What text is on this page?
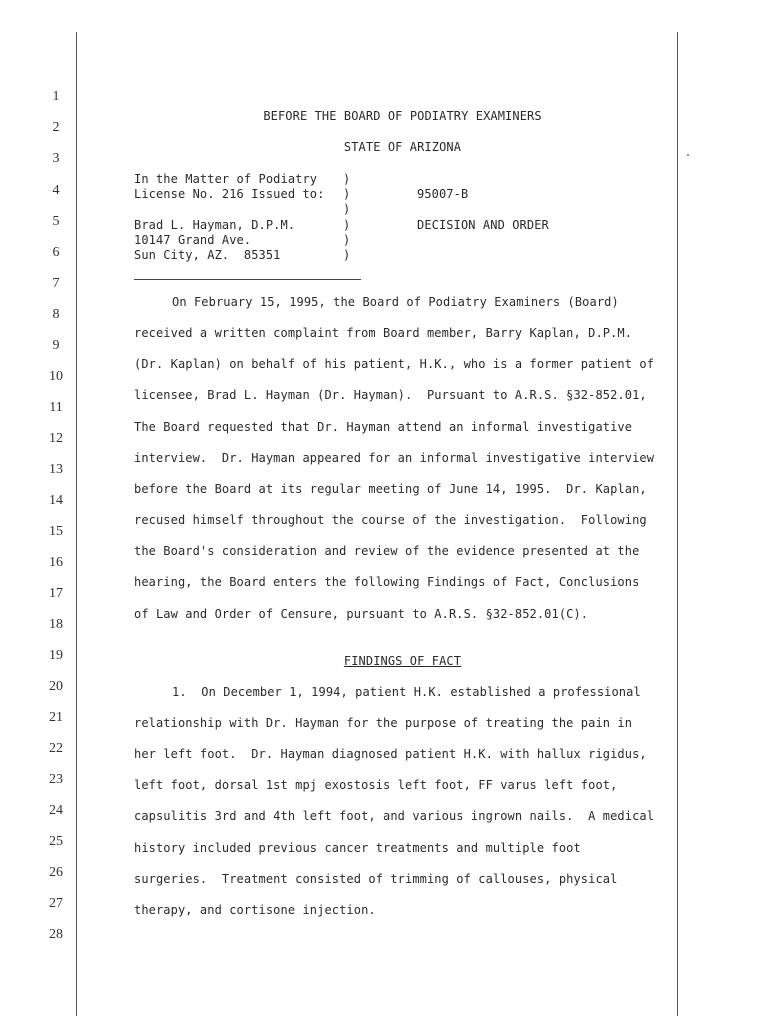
1
2
3
4
5
6
7
8
9
10
11
12
13
14
15
16
17
18
19
20
21
22
23
24
25
26
27
28
BEFORE THE BOARD OF PODIATRY EXAMINERS
STATE OF ARIZONA
In the Matter of Podiatry
License No. 216 Issued to:
Brad L. Hayman, D.P.M.
10147 Grand Ave.
Sun City, AZ.  85351
)
)
)
)
)
)
95007-B
DECISION AND ORDER
On February 15, 1995, the Board of Podiatry Examiners (Board)
received a written complaint from Board member, Barry Kaplan, D.P.M.
(Dr. Kaplan) on behalf of his patient, H.K., who is a former patient of
licensee, Brad L. Hayman (Dr. Hayman).  Pursuant to A.R.S. §32-852.01,
The Board requested that Dr. Hayman attend an informal investigative
interview.  Dr. Hayman appeared for an informal investigative interview
before the Board at its regular meeting of June 14, 1995.  Dr. Kaplan,
recused himself throughout the course of the investigation.  Following
the Board's consideration and review of the evidence presented at the
hearing, the Board enters the following Findings of Fact, Conclusions
of Law and Order of Censure, pursuant to A.R.S. §32-852.01(C).
FINDINGS OF FACT
1.  On December 1, 1994, patient H.K. established a professional
relationship with Dr. Hayman for the purpose of treating the pain in
her left foot.  Dr. Hayman diagnosed patient H.K. with hallux rigidus,
left foot, dorsal 1st mpj exostosis left foot, FF varus left foot,
capsulitis 3rd and 4th left foot, and various ingrown nails.  A medical
history included previous cancer treatments and multiple foot
surgeries.  Treatment consisted of trimming of callouses, physical
therapy, and cortisone injection.
